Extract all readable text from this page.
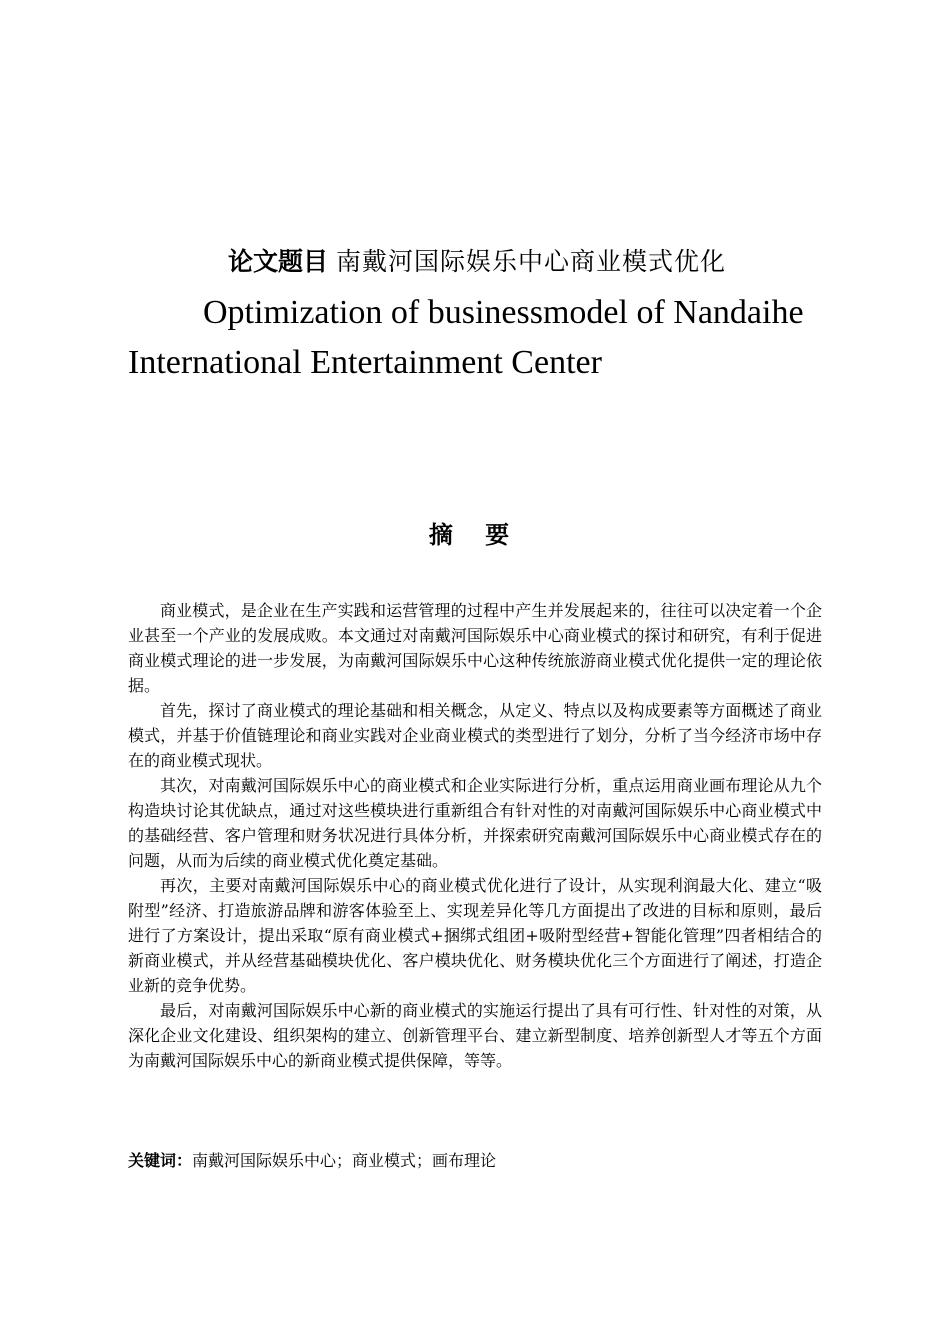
论文题目 南戴河国际娱乐中心商业模式优化
Optimization of businessmodel of Nandaihe International Entertainment Center
摘 要

商业模式，是企业在生产实践和运营管理的过程中产生并发展起来的，往往可以决定着一个企业甚至一个产业的发展成败。本文通过对南戴河国际娱乐中心商业模式的探讨和研究，有利于促进商业模式理论的进一步发展，为南戴河国际娱乐中心这种传统旅游商业模式优化提供一定的理论依据。

首先，探讨了商业模式的理论基础和相关概念，从定义、特点以及构成要素等方面概述了商业模式，并基于价值链理论和商业实践对企业商业模式的类型进行了划分，分析了当今经济市场中存在的商业模式现状。

其次，对南戴河国际娱乐中心的商业模式和企业实际进行分析，重点运用商业画布理论从九个构造块讨论其优缺点，通过对这些模块进行重新组合有针对性的对南戴河国际娱乐中心商业模式中的基础经营、客户管理和财务状况进行具体分析，并探索研究南戴河国际娱乐中心商业模式存在的问题，从而为后续的商业模式优化奠定基础。

再次，主要对南戴河国际娱乐中心的商业模式优化进行了设计，从实现利润最大化、建立“吸附型”经济、打造旅游品牌和游客体验至上、实现差异化等几方面提出了改进的目标和原则，最后进行了方案设计，提出采取“原有商业模式+捆绑式组团+吸附型经营+智能化管理”四者相结合的新商业模式，并从经营基础模块优化、客户模块优化、财务模块优化三个方面进行了阐述，打造企业新的竞争优势。

最后，对南戴河国际娱乐中心新的商业模式的实施运行提出了具有可行性、针对性的对策，从深化企业文化建设、组织架构的建立、创新管理平台、建立新型制度、培养创新型人才等五个方面为南戴河国际娱乐中心的新商业模式提供保障，等等。

关键词：南戴河国际娱乐中心；商业模式；画布理论
